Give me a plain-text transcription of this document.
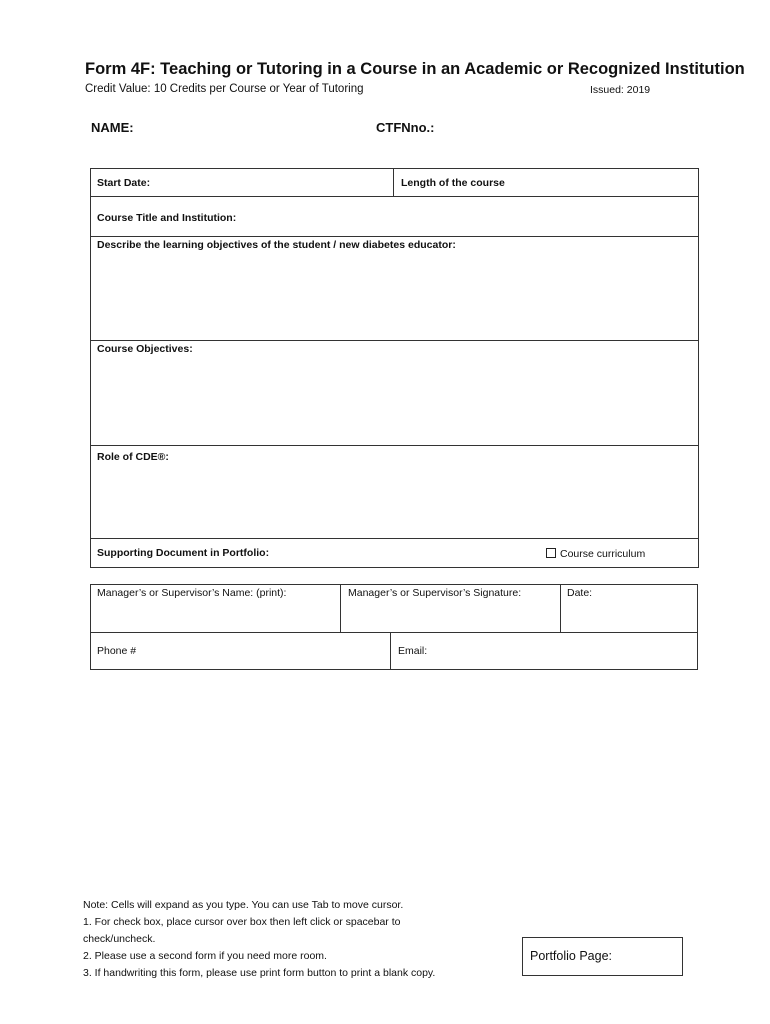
Form 4F: Teaching or Tutoring in a Course in an Academic or Recognized Institution
Credit Value: 10 Credits per Course or Year of Tutoring	Issued: 2019
NAME:	CTFNno.:
Start Date:	Length of the course
Course Title and Institution:
Describe the learning objectives of the student / new diabetes educator:
Course Objectives:
Role of CDE®:
Supporting Document in Portfolio:	Course curriculum
Manager’s or Supervisor’s Name: (print):	Manager’s or Supervisor’s Signature:	Date:
Phone #	Email:
Note: Cells will expand as you type. You can use Tab to move cursor.
1. For check box, place cursor over box then left click or spacebar to
check/uncheck.
2. Please use a second form if you need more room.
3. If handwriting this form, please use print form button to print a blank copy.
Portfolio Page:
